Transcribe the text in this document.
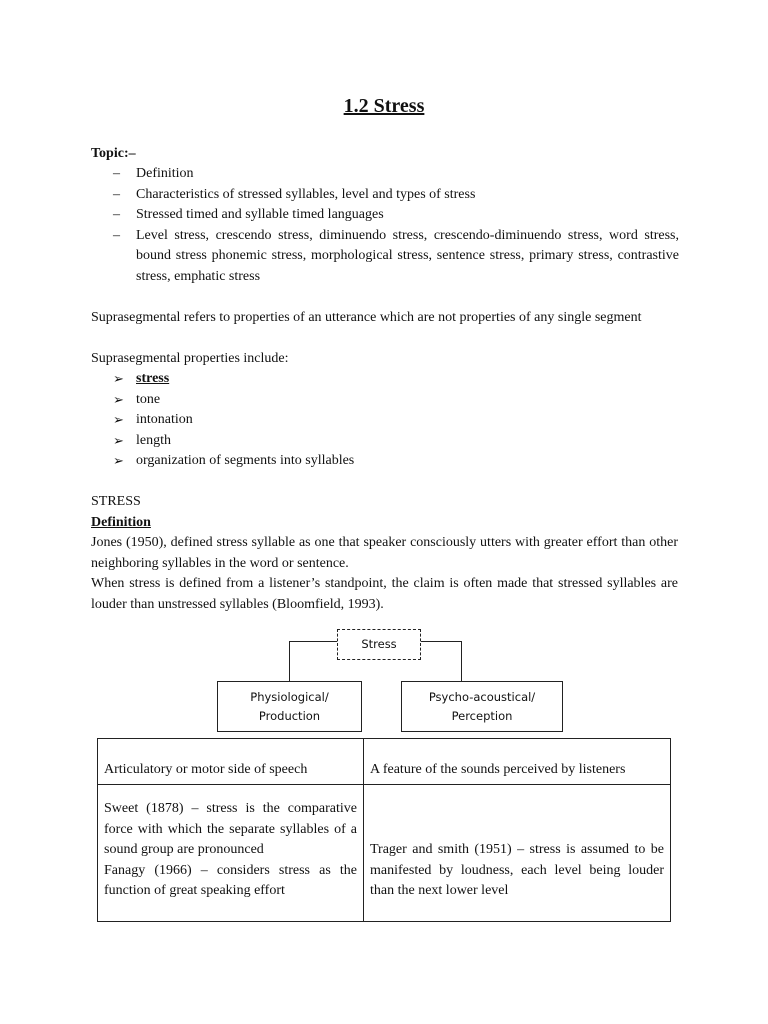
1.2 Stress
Topic:–
– Definition
– Characteristics of stressed syllables, level and types of stress
– Stressed timed and syllable timed languages
– Level stress, crescendo stress, diminuendo stress, crescendo-diminuendo stress, word stress, bound stress phonemic stress, morphological stress, sentence stress, primary stress, contrastive stress, emphatic stress

Suprasegmental refers to properties of an utterance which are not properties of any single segment

Suprasegmental properties include:

➢ stress
➢ tone
➢ intonation
➢ length
➢ organization of segments into syllables
STRESS
Definition

Jones (1950), defined stress syllable as one that speaker consciously utters with greater effort than other neighboring syllables in the word or sentence.

When stress is defined from a listener’s standpoint, the claim is often made that stressed syllables are louder than unstressed syllables (Bloomfield, 1993).

Stress
Physiological/
Production
Psycho-acoustical/
Perception
Articulatory or motor side of speech	A feature of the sounds perceived by listeners

Sweet (1878) – stress is the comparative force with which the separate syllables of a sound group are pronounced
Fanagy (1966) – considers stress as the function of great speaking effort	Trager and smith (1951) – stress is assumed to be manifested by loudness, each level being louder than the next lower level
